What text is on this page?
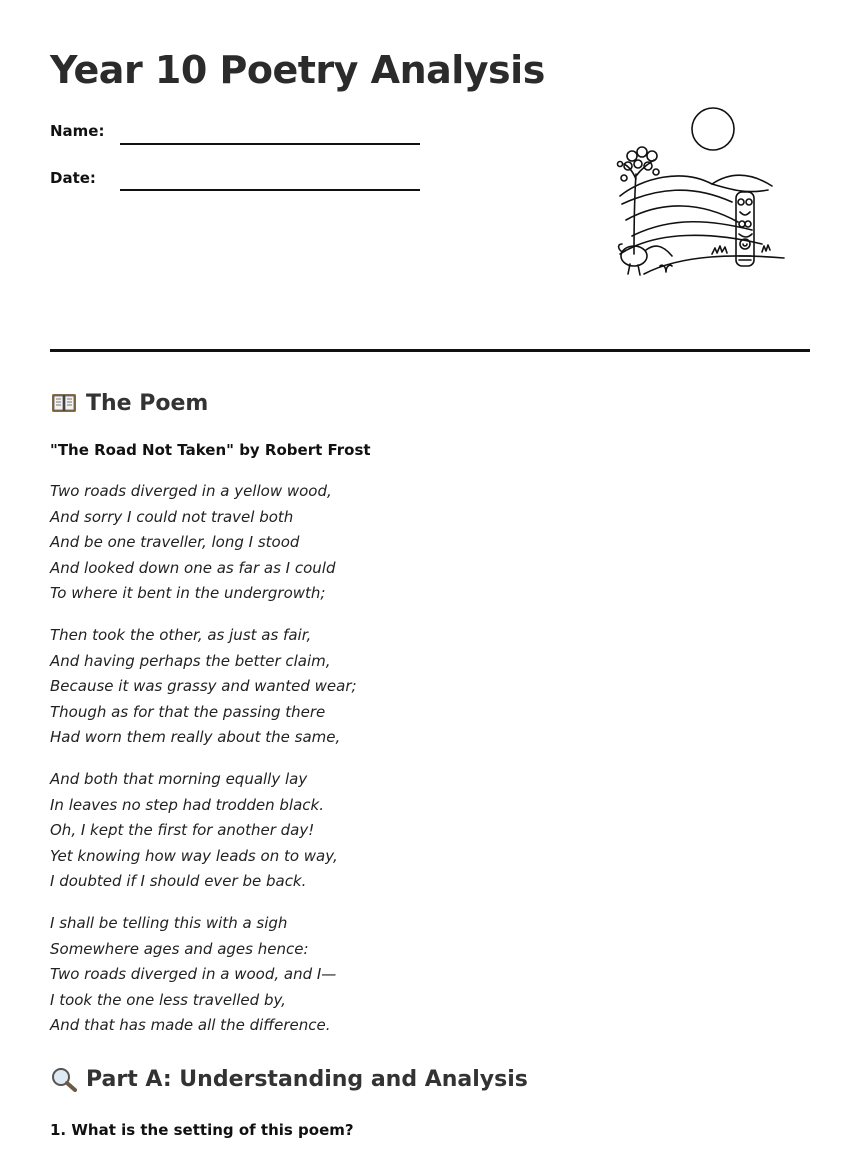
Year 10 Poetry Analysis
Name:
Date:
The Poem
"The Road Not Taken" by Robert Frost
Two roads diverged in a yellow wood,
And sorry I could not travel both
And be one traveller, long I stood
And looked down one as far as I could
To where it bent in the undergrowth;
Then took the other, as just as fair,
And having perhaps the better claim,
Because it was grassy and wanted wear;
Though as for that the passing there
Had worn them really about the same,
And both that morning equally lay
In leaves no step had trodden black.
Oh, I kept the first for another day!
Yet knowing how way leads on to way,
I doubted if I should ever be back.
I shall be telling this with a sigh
Somewhere ages and ages hence:
Two roads diverged in a wood, and I—
I took the one less travelled by,
And that has made all the difference.
Part A: Understanding and Analysis
1. What is the setting of this poem?
